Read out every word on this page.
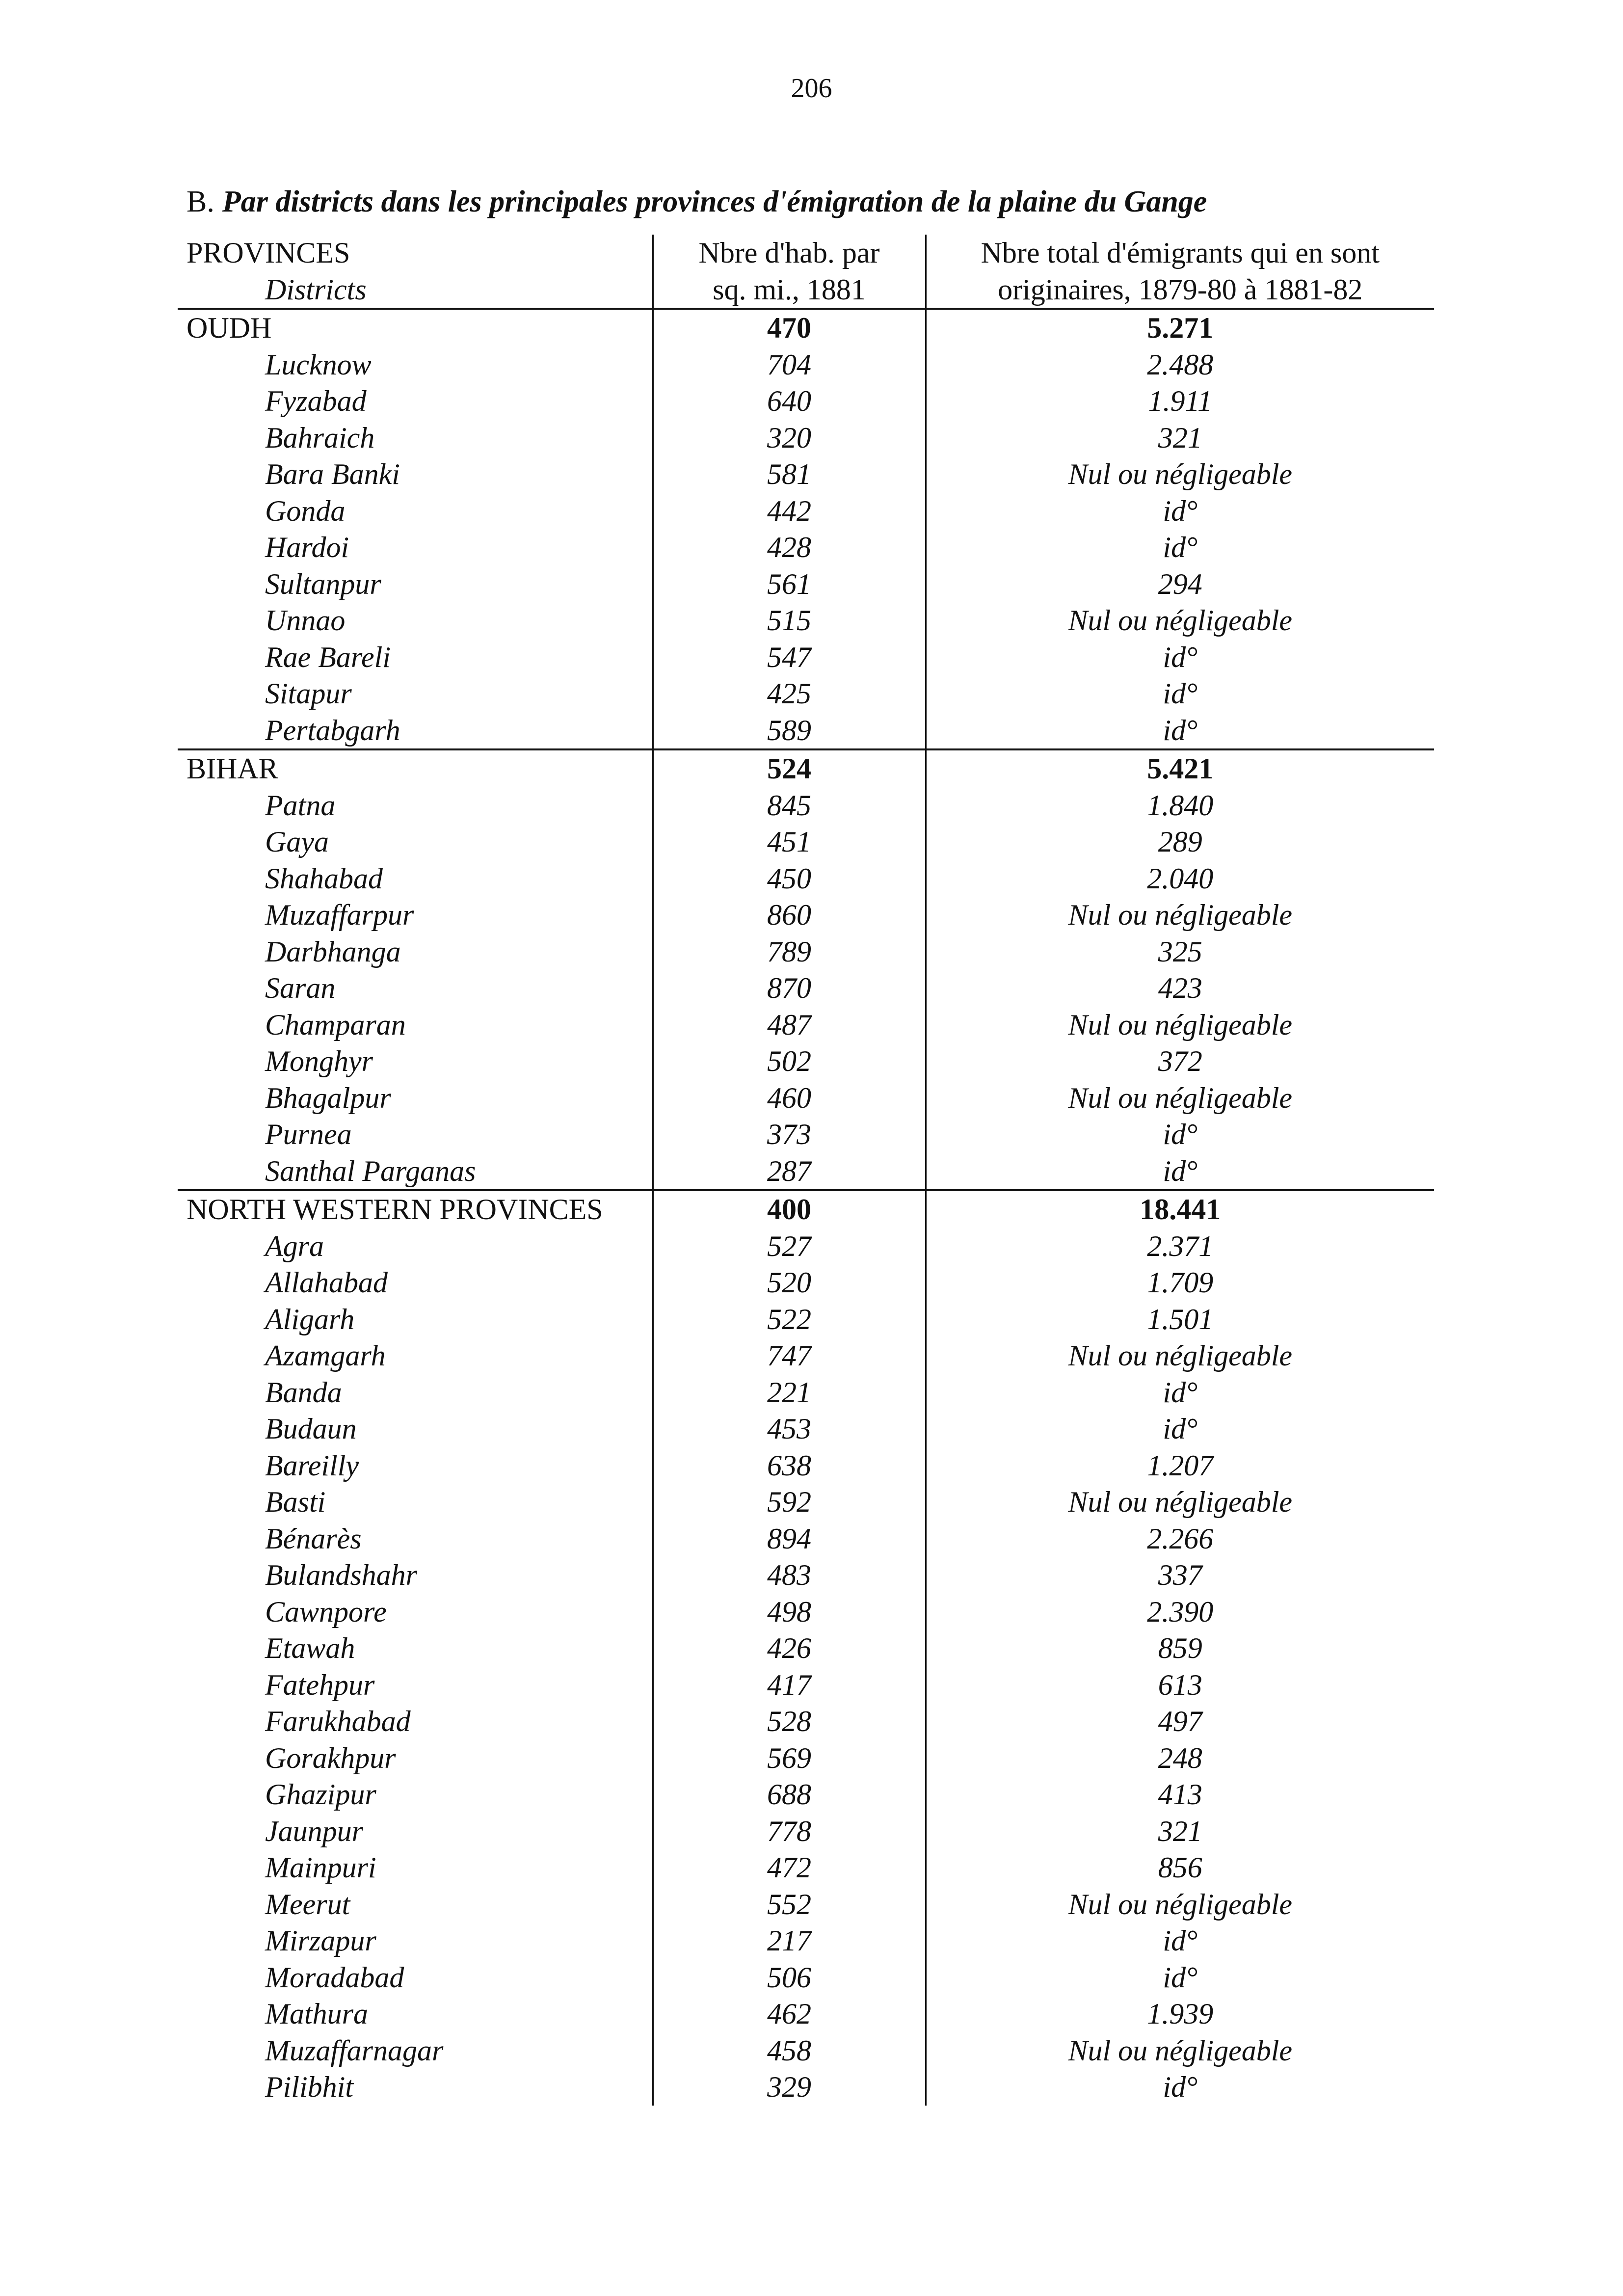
206
B. Par districts dans les principales provinces d'émigration de la plaine du Gange
PROVINCES	Nbre d'hab. par	Nbre total d'émigrants qui en sont
Districts	sq. mi., 1881	originaires, 1879-80 à 1881-82
OUDH	470	5.271
Lucknow	704	2.488
Fyzabad	640	1.911
Bahraich	320	321
Bara Banki	581	Nul ou négligeable
Gonda	442	id°
Hardoi	428	id°
Sultanpur	561	294
Unnao	515	Nul ou négligeable
Rae Bareli	547	id°
Sitapur	425	id°
Pertabgarh	589	id°
BIHAR	524	5.421
Patna	845	1.840
Gaya	451	289
Shahabad	450	2.040
Muzaffarpur	860	Nul ou négligeable
Darbhanga	789	325
Saran	870	423
Champaran	487	Nul ou négligeable
Monghyr	502	372
Bhagalpur	460	Nul ou négligeable
Purnea	373	id°
Santhal Parganas	287	id°
NORTH WESTERN PROVINCES	400	18.441
Agra	527	2.371
Allahabad	520	1.709
Aligarh	522	1.501
Azamgarh	747	Nul ou négligeable
Banda	221	id°
Budaun	453	id°
Bareilly	638	1.207
Basti	592	Nul ou négligeable
Bénarès	894	2.266
Bulandshahr	483	337
Cawnpore	498	2.390
Etawah	426	859
Fatehpur	417	613
Farukhabad	528	497
Gorakhpur	569	248
Ghazipur	688	413
Jaunpur	778	321
Mainpuri	472	856
Meerut	552	Nul ou négligeable
Mirzapur	217	id°
Moradabad	506	id°
Mathura	462	1.939
Muzaffarnagar	458	Nul ou négligeable
Pilibhit	329	id°
